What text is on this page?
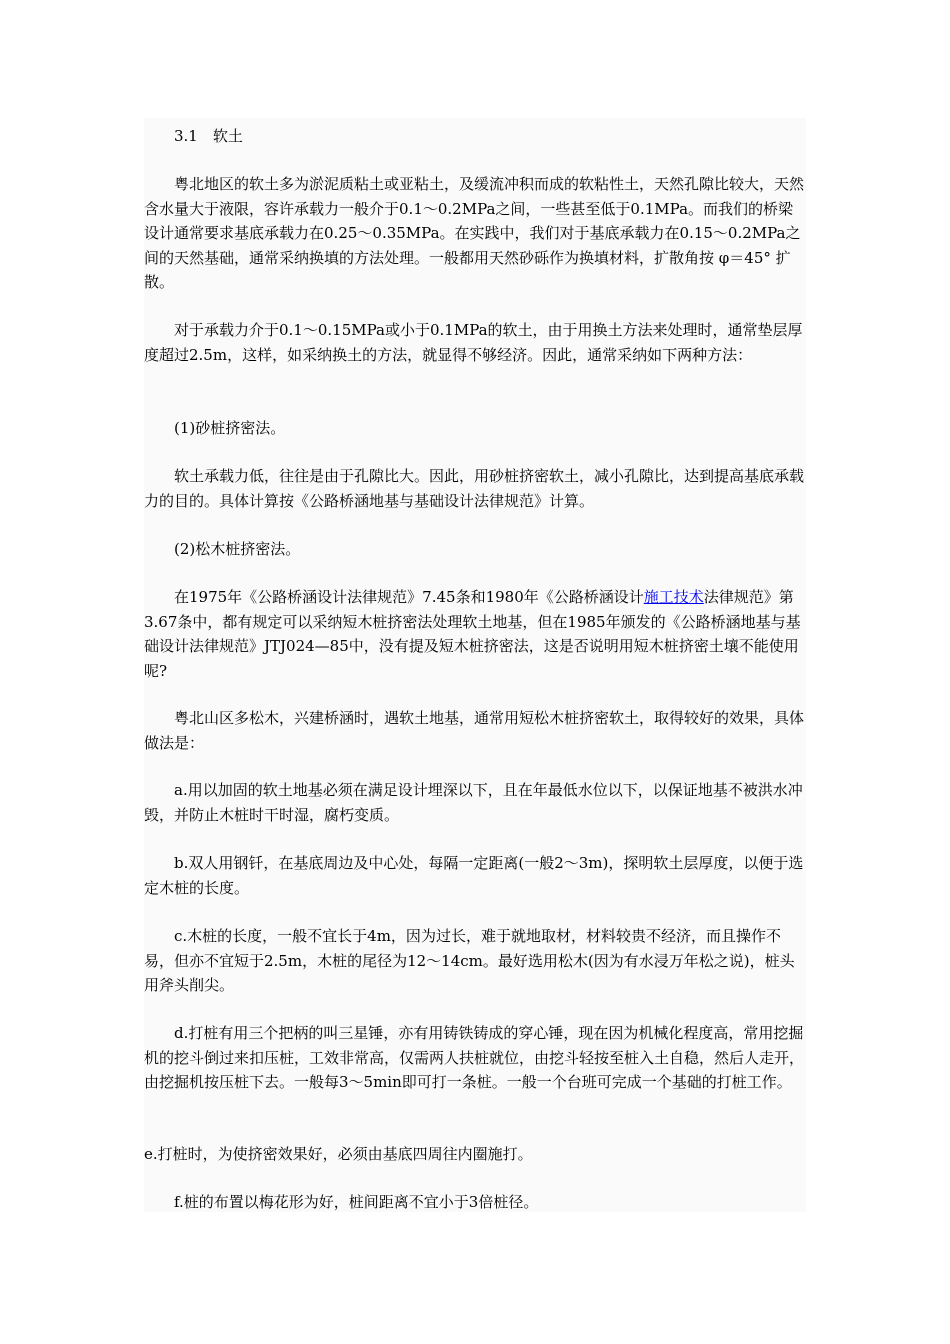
3.1　软土

粤北地区的软土多为淤泥质粘土或亚粘土，及缓流冲积而成的软粘性土，天然孔隙比较大，天然含水量大于液限，容许承载力一般介于0.1～0.2MPa之间，一些甚至低于0.1MPa。而我们的桥梁设计通常要求基底承载力在0.25～0.35MPa。在实践中，我们对于基底承载力在0.15～0.2MPa之间的天然基础，通常采纳换填的方法处理。一般都用天然砂砾作为换填材料，扩散角按 φ＝45° 扩散。

对于承载力介于0.1～0.15MPa或小于0.1MPa的软土，由于用换土方法来处理时，通常垫层厚度超过2.5m，这样，如采纳换土的方法，就显得不够经济。因此，通常采纳如下两种方法：

(1)砂桩挤密法。

软土承载力低，往往是由于孔隙比大。因此，用砂桩挤密软土，减小孔隙比，达到提高基底承载力的目的。具体计算按《公路桥涵地基与基础设计法律规范》计算。

(2)松木桩挤密法。

在1975年《公路桥涵设计法律规范》7.45条和1980年《公路桥涵设计施工技术法律规范》第3.67条中，都有规定可以采纳短木桩挤密法处理软土地基，但在1985年颁发的《公路桥涵地基与基础设计法律规范》JTJ024—85中，没有提及短木桩挤密法，这是否说明用短木桩挤密土壤不能使用呢?

粤北山区多松木，兴建桥涵时，遇软土地基，通常用短松木桩挤密软土，取得较好的效果，具体做法是：

a.用以加固的软土地基必须在满足设计埋深以下，且在年最低水位以下，以保证地基不被洪水冲毁，并防止木桩时干时湿，腐朽变质。

b.双人用钢钎，在基底周边及中心处，每隔一定距离(一般2～3m)，探明软土层厚度，以便于选定木桩的长度。

c.木桩的长度，一般不宜长于4m，因为过长，难于就地取材，材料较贵不经济，而且操作不易，但亦不宜短于2.5m，木桩的尾径为12～14cm。最好选用松木(因为有水浸万年松之说)，桩头用斧头削尖。

d.打桩有用三个把柄的叫三星锤，亦有用铸铁铸成的穿心锤，现在因为机械化程度高，常用挖掘机的挖斗倒过来扣压桩，工效非常高，仅需两人扶桩就位，由挖斗轻按至桩入土自稳，然后人走开，由挖掘机按压桩下去。一般每3～5min即可打一条桩。一般一个台班可完成一个基础的打桩工作。

e.打桩时，为使挤密效果好，必须由基底四周往内圈施打。

f.桩的布置以梅花形为好，桩间距离不宜小于3倍桩径。
